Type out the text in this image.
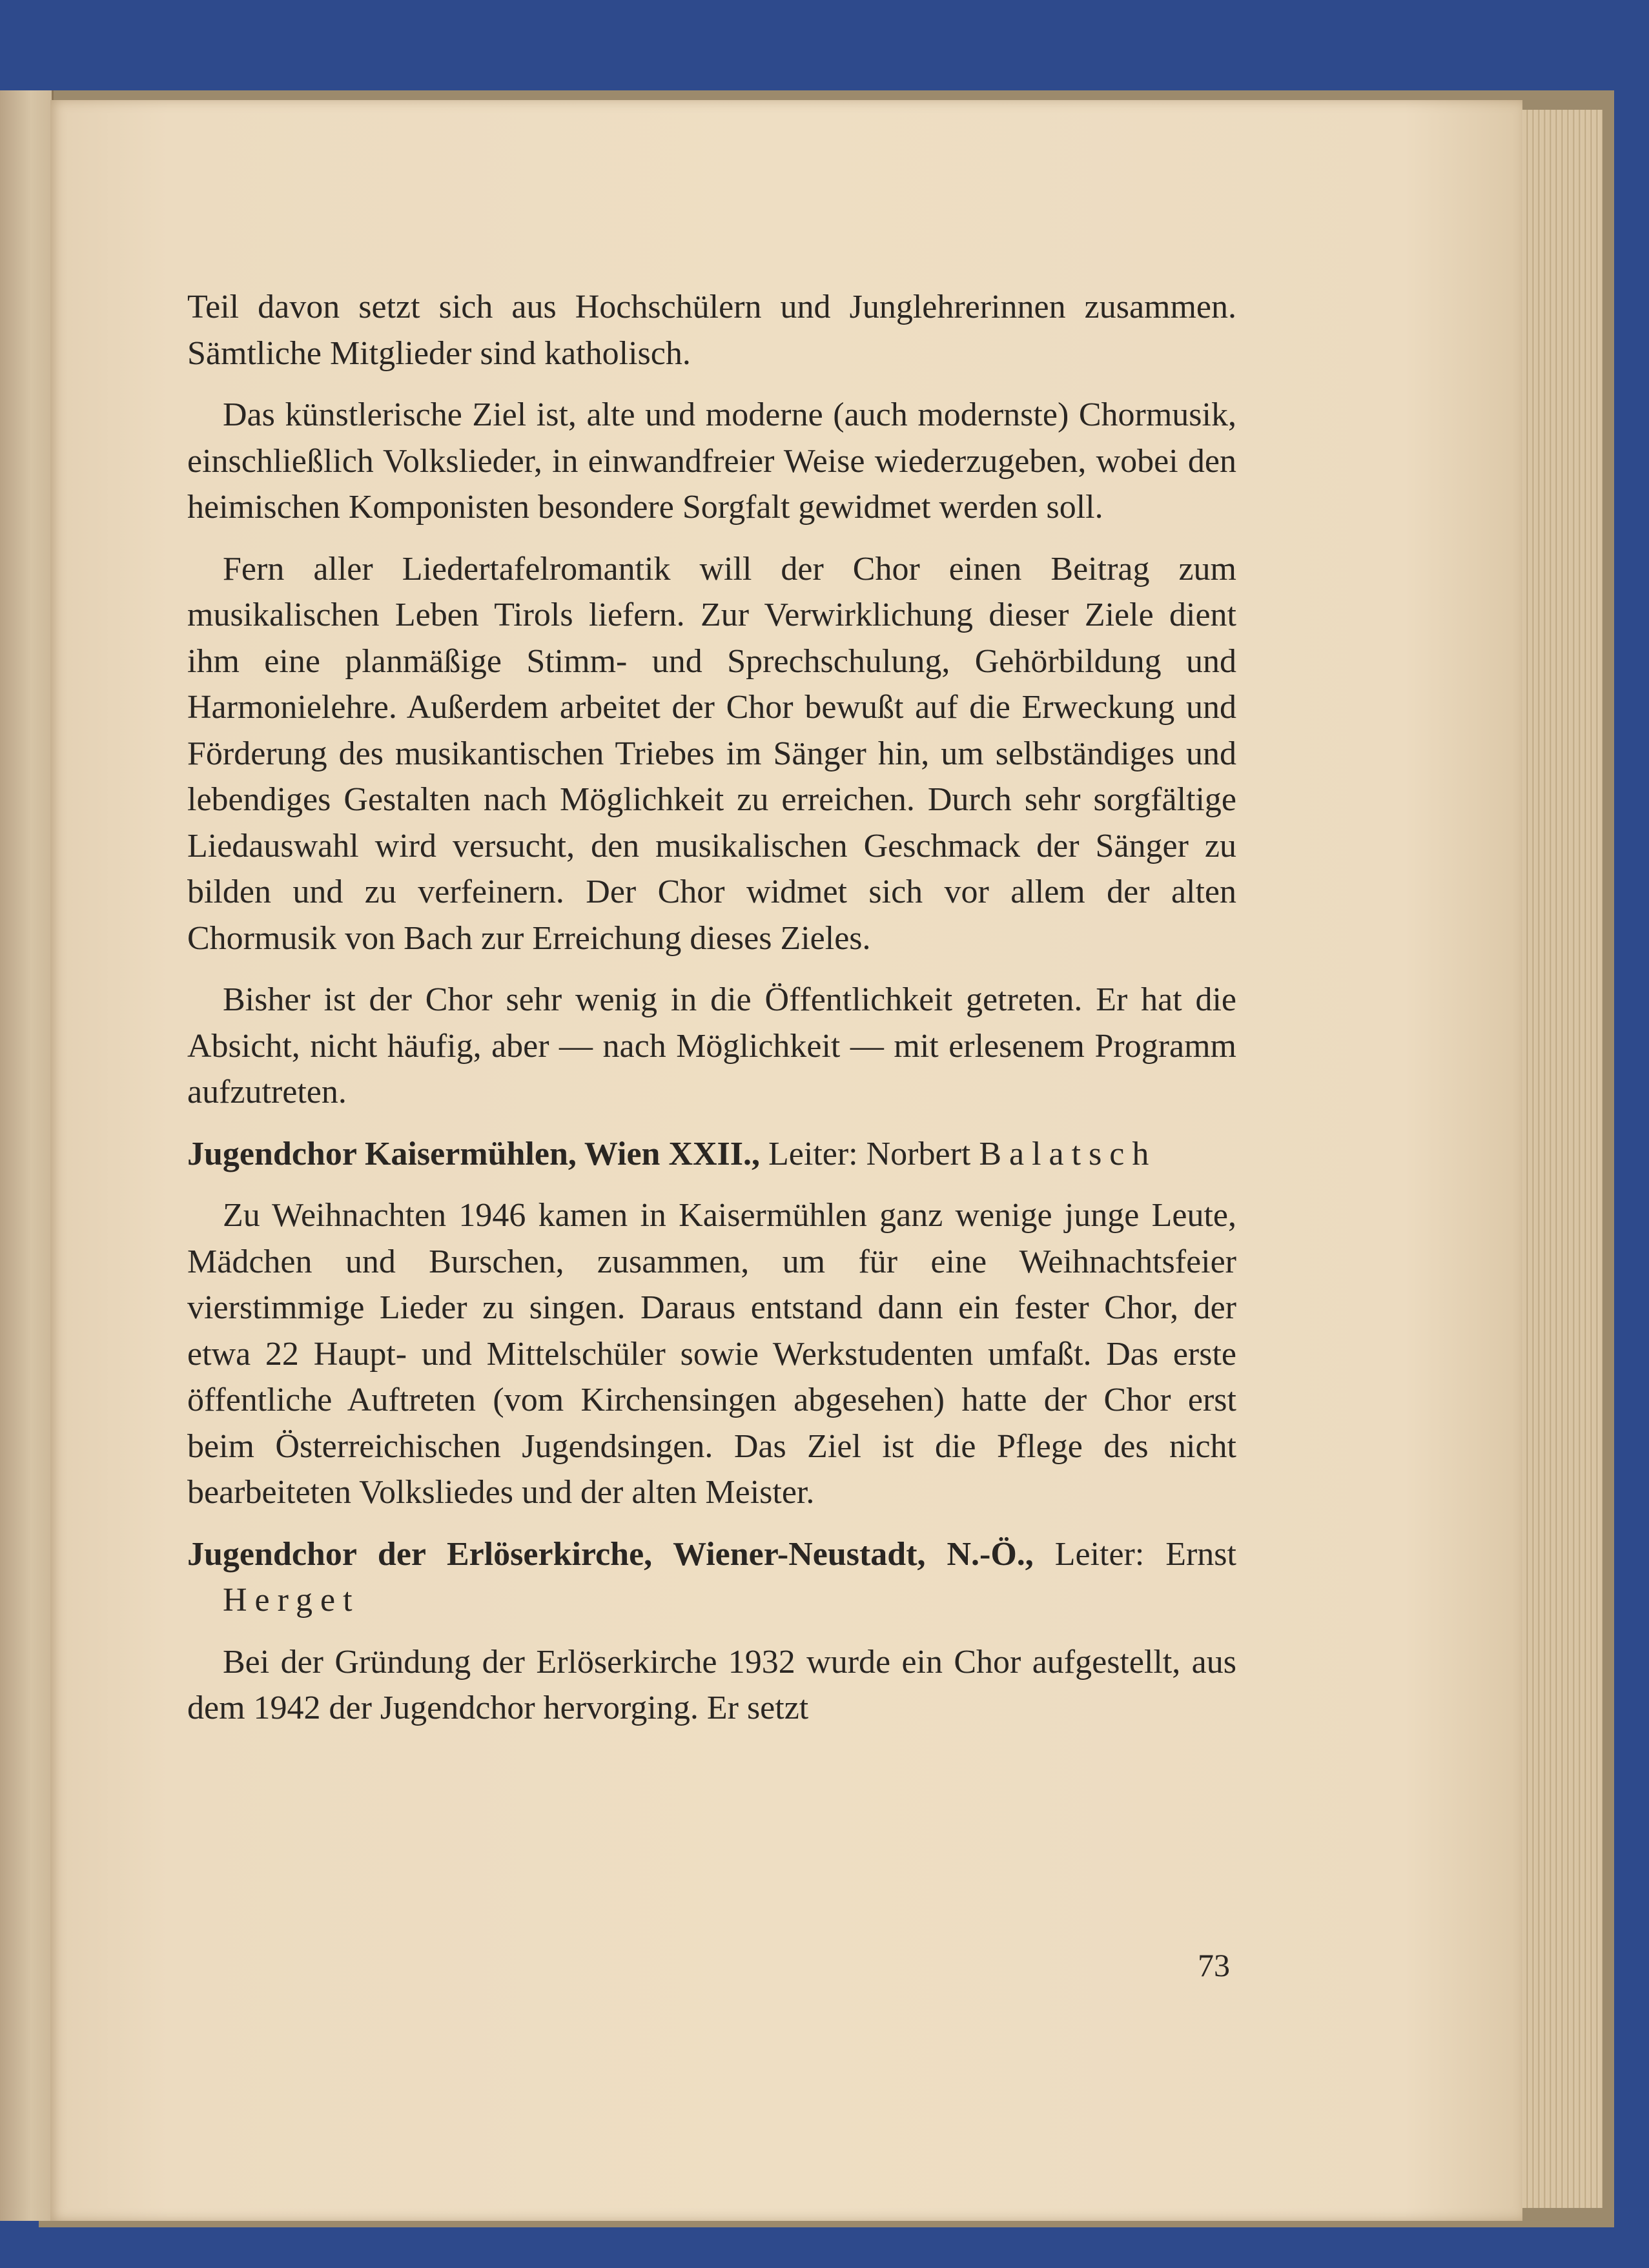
Teil davon setzt sich aus Hochschülern und Junglehrerinnen zusammen. Sämtliche Mitglieder sind katholisch.

Das künstlerische Ziel ist, alte und moderne (auch modernste) Chormusik, einschließlich Volkslieder, in einwandfreier Weise wiederzugeben, wobei den heimischen Komponisten besondere Sorgfalt gewidmet werden soll.

Fern aller Liedertafelromantik will der Chor einen Beitrag zum musikalischen Leben Tirols liefern. Zur Verwirklichung dieser Ziele dient ihm eine planmäßige Stimm- und Sprechschulung, Gehörbildung und Harmonielehre. Außerdem arbeitet der Chor bewußt auf die Erweckung und Förderung des musikantischen Triebes im Sänger hin, um selbständiges und lebendiges Gestalten nach Möglichkeit zu erreichen. Durch sehr sorgfältige Liedauswahl wird versucht, den musikalischen Geschmack der Sänger zu bilden und zu verfeinern. Der Chor widmet sich vor allem der alten Chormusik von Bach zur Erreichung dieses Zieles.

Bisher ist der Chor sehr wenig in die Öffentlichkeit getreten. Er hat die Absicht, nicht häufig, aber — nach Möglichkeit — mit erlesenem Programm aufzutreten.

Jugendchor Kaisermühlen, Wien XXII., Leiter: Norbert Balatsch

Zu Weihnachten 1946 kamen in Kaisermühlen ganz wenige junge Leute, Mädchen und Burschen, zusammen, um für eine Weihnachtsfeier vierstimmige Lieder zu singen. Daraus entstand dann ein fester Chor, der etwa 22 Haupt- und Mittelschüler sowie Werkstudenten umfaßt. Das erste öffentliche Auftreten (vom Kirchensingen abgesehen) hatte der Chor erst beim Österreichischen Jugendsingen. Das Ziel ist die Pflege des nicht bearbeiteten Volksliedes und der alten Meister.

Jugendchor der Erlöserkirche, Wiener-Neustadt, N.-Ö., Leiter: Ernst Herget

Bei der Gründung der Erlöserkirche 1932 wurde ein Chor aufgestellt, aus dem 1942 der Jugendchor hervorging. Er setzt

73
